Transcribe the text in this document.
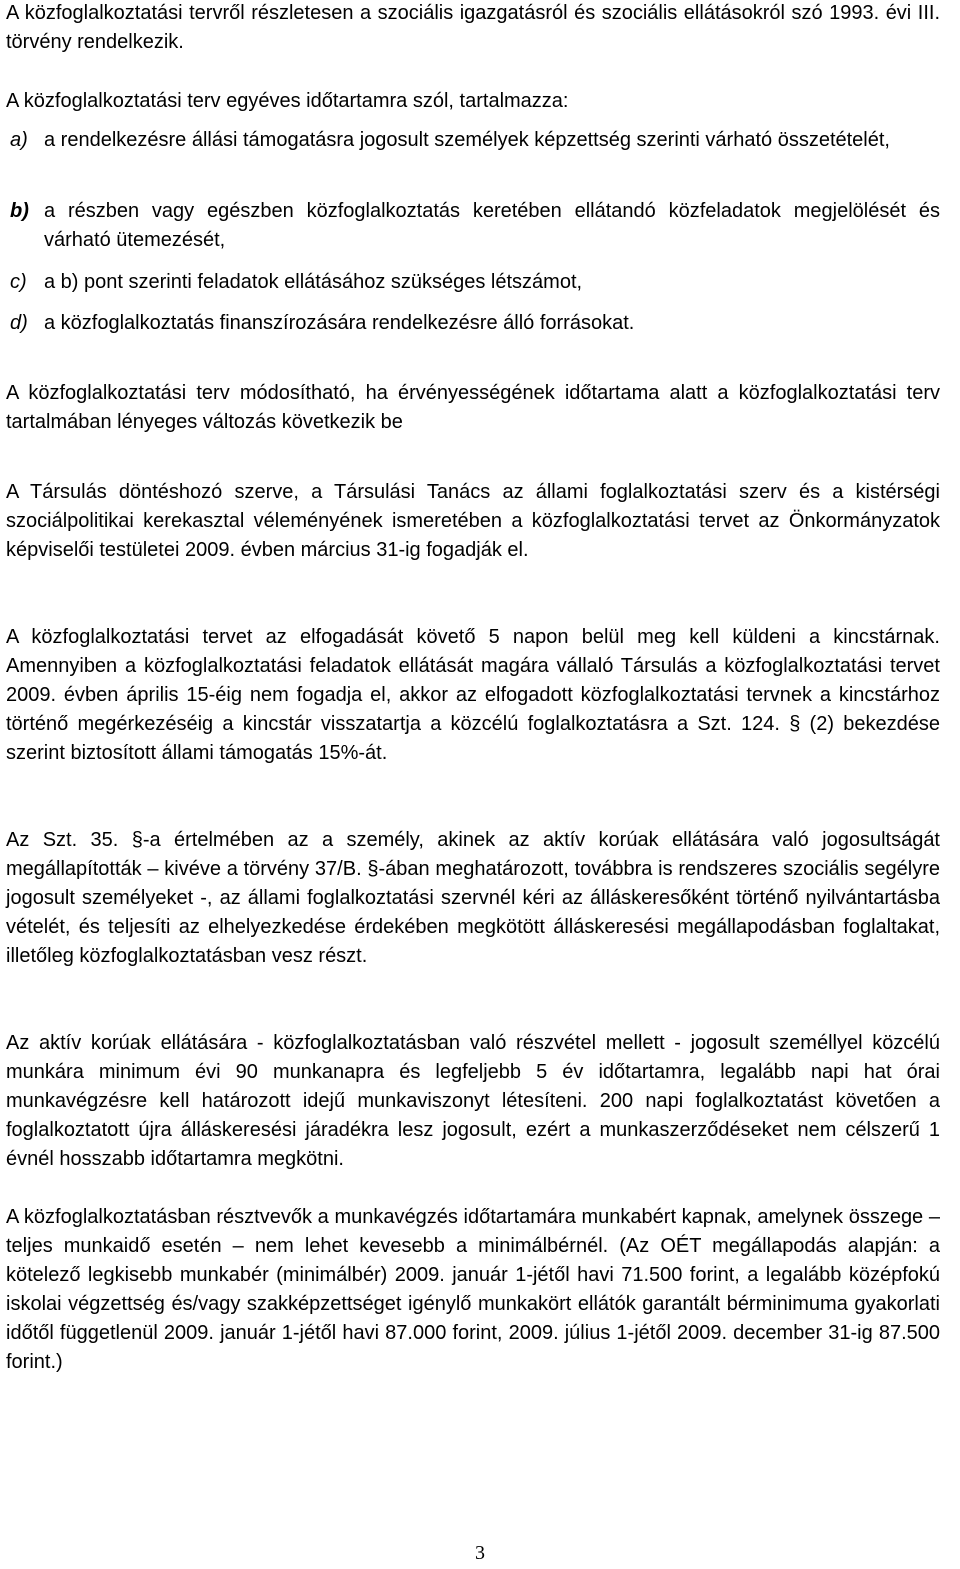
A közfoglalkoztatási tervről részletesen a szociális igazgatásról és szociális ellátásokról szó 1993. évi III. törvény rendelkezik.

A közfoglalkoztatási terv egyéves időtartamra szól, tartalmazza:

a) a rendelkezésre állási támogatásra jogosult személyek képzettség szerinti várható összetételét,
b) a részben vagy egészben közfoglalkoztatás keretében ellátandó közfeladatok megjelölését és várható ütemezését,
c) a b) pont szerinti feladatok ellátásához szükséges létszámot,
d) a közfoglalkoztatás finanszírozására rendelkezésre álló forrásokat.

A közfoglalkoztatási terv módosítható, ha érvényességének időtartama alatt a közfoglalkoztatási terv tartalmában lényeges változás következik be

A Társulás döntéshozó szerve, a Társulási Tanács az állami foglalkoztatási szerv és a kistérségi szociálpolitikai kerekasztal véleményének ismeretében a közfoglalkoztatási tervet az Önkormányzatok képviselői testületei 2009. évben március 31-ig fogadják el.

A közfoglalkoztatási tervet az elfogadását követő 5 napon belül meg kell küldeni a kincstárnak. Amennyiben a közfoglalkoztatási feladatok ellátását magára vállaló Társulás a közfoglalkoztatási tervet 2009. évben április 15-éig nem fogadja el, akkor az elfogadott közfoglalkoztatási tervnek a kincstárhoz történő megérkezéséig a kincstár visszatartja a közcélú foglalkoztatásra a Szt. 124. § (2) bekezdése szerint biztosított állami támogatás 15%-át.

Az Szt. 35. §-a értelmében az a személy, akinek az aktív korúak ellátására való jogosultságát megállapították – kivéve a törvény 37/B. §-ában meghatározott, továbbra is rendszeres szociális segélyre jogosult személyeket -, az állami foglalkoztatási szervnél kéri az álláskeresőként történő nyilvántartásba vételét, és teljesíti az elhelyezkedése érdekében megkötött álláskeresési megállapodásban foglaltakat, illetőleg közfoglalkoztatásban vesz részt.

Az aktív korúak ellátására - közfoglalkoztatásban való részvétel mellett - jogosult személlyel közcélú munkára minimum évi 90 munkanapra és legfeljebb 5 év időtartamra, legalább napi hat órai munkavégzésre kell határozott idejű munkaviszonyt létesíteni. 200 napi foglalkoztatást követően a foglalkoztatott újra álláskeresési járadékra lesz jogosult, ezért a munkaszerződéseket nem célszerű 1 évnél hosszabb időtartamra megkötni.

A közfoglalkoztatásban résztvevők a munkavégzés időtartamára munkabért kapnak, amelynek összege – teljes munkaidő esetén – nem lehet kevesebb a minimálbérnél. (Az OÉT megállapodás alapján: a kötelező legkisebb munkabér (minimálbér) 2009. január 1-jétől havi 71.500 forint, a legalább középfokú iskolai végzettség és/vagy szakképzettséget igénylő munkakört ellátók garantált bérminimuma gyakorlati időtől függetlenül 2009. január 1-jétől havi 87.000 forint, 2009. július 1-jétől 2009. december 31-ig 87.500 forint.)

3
